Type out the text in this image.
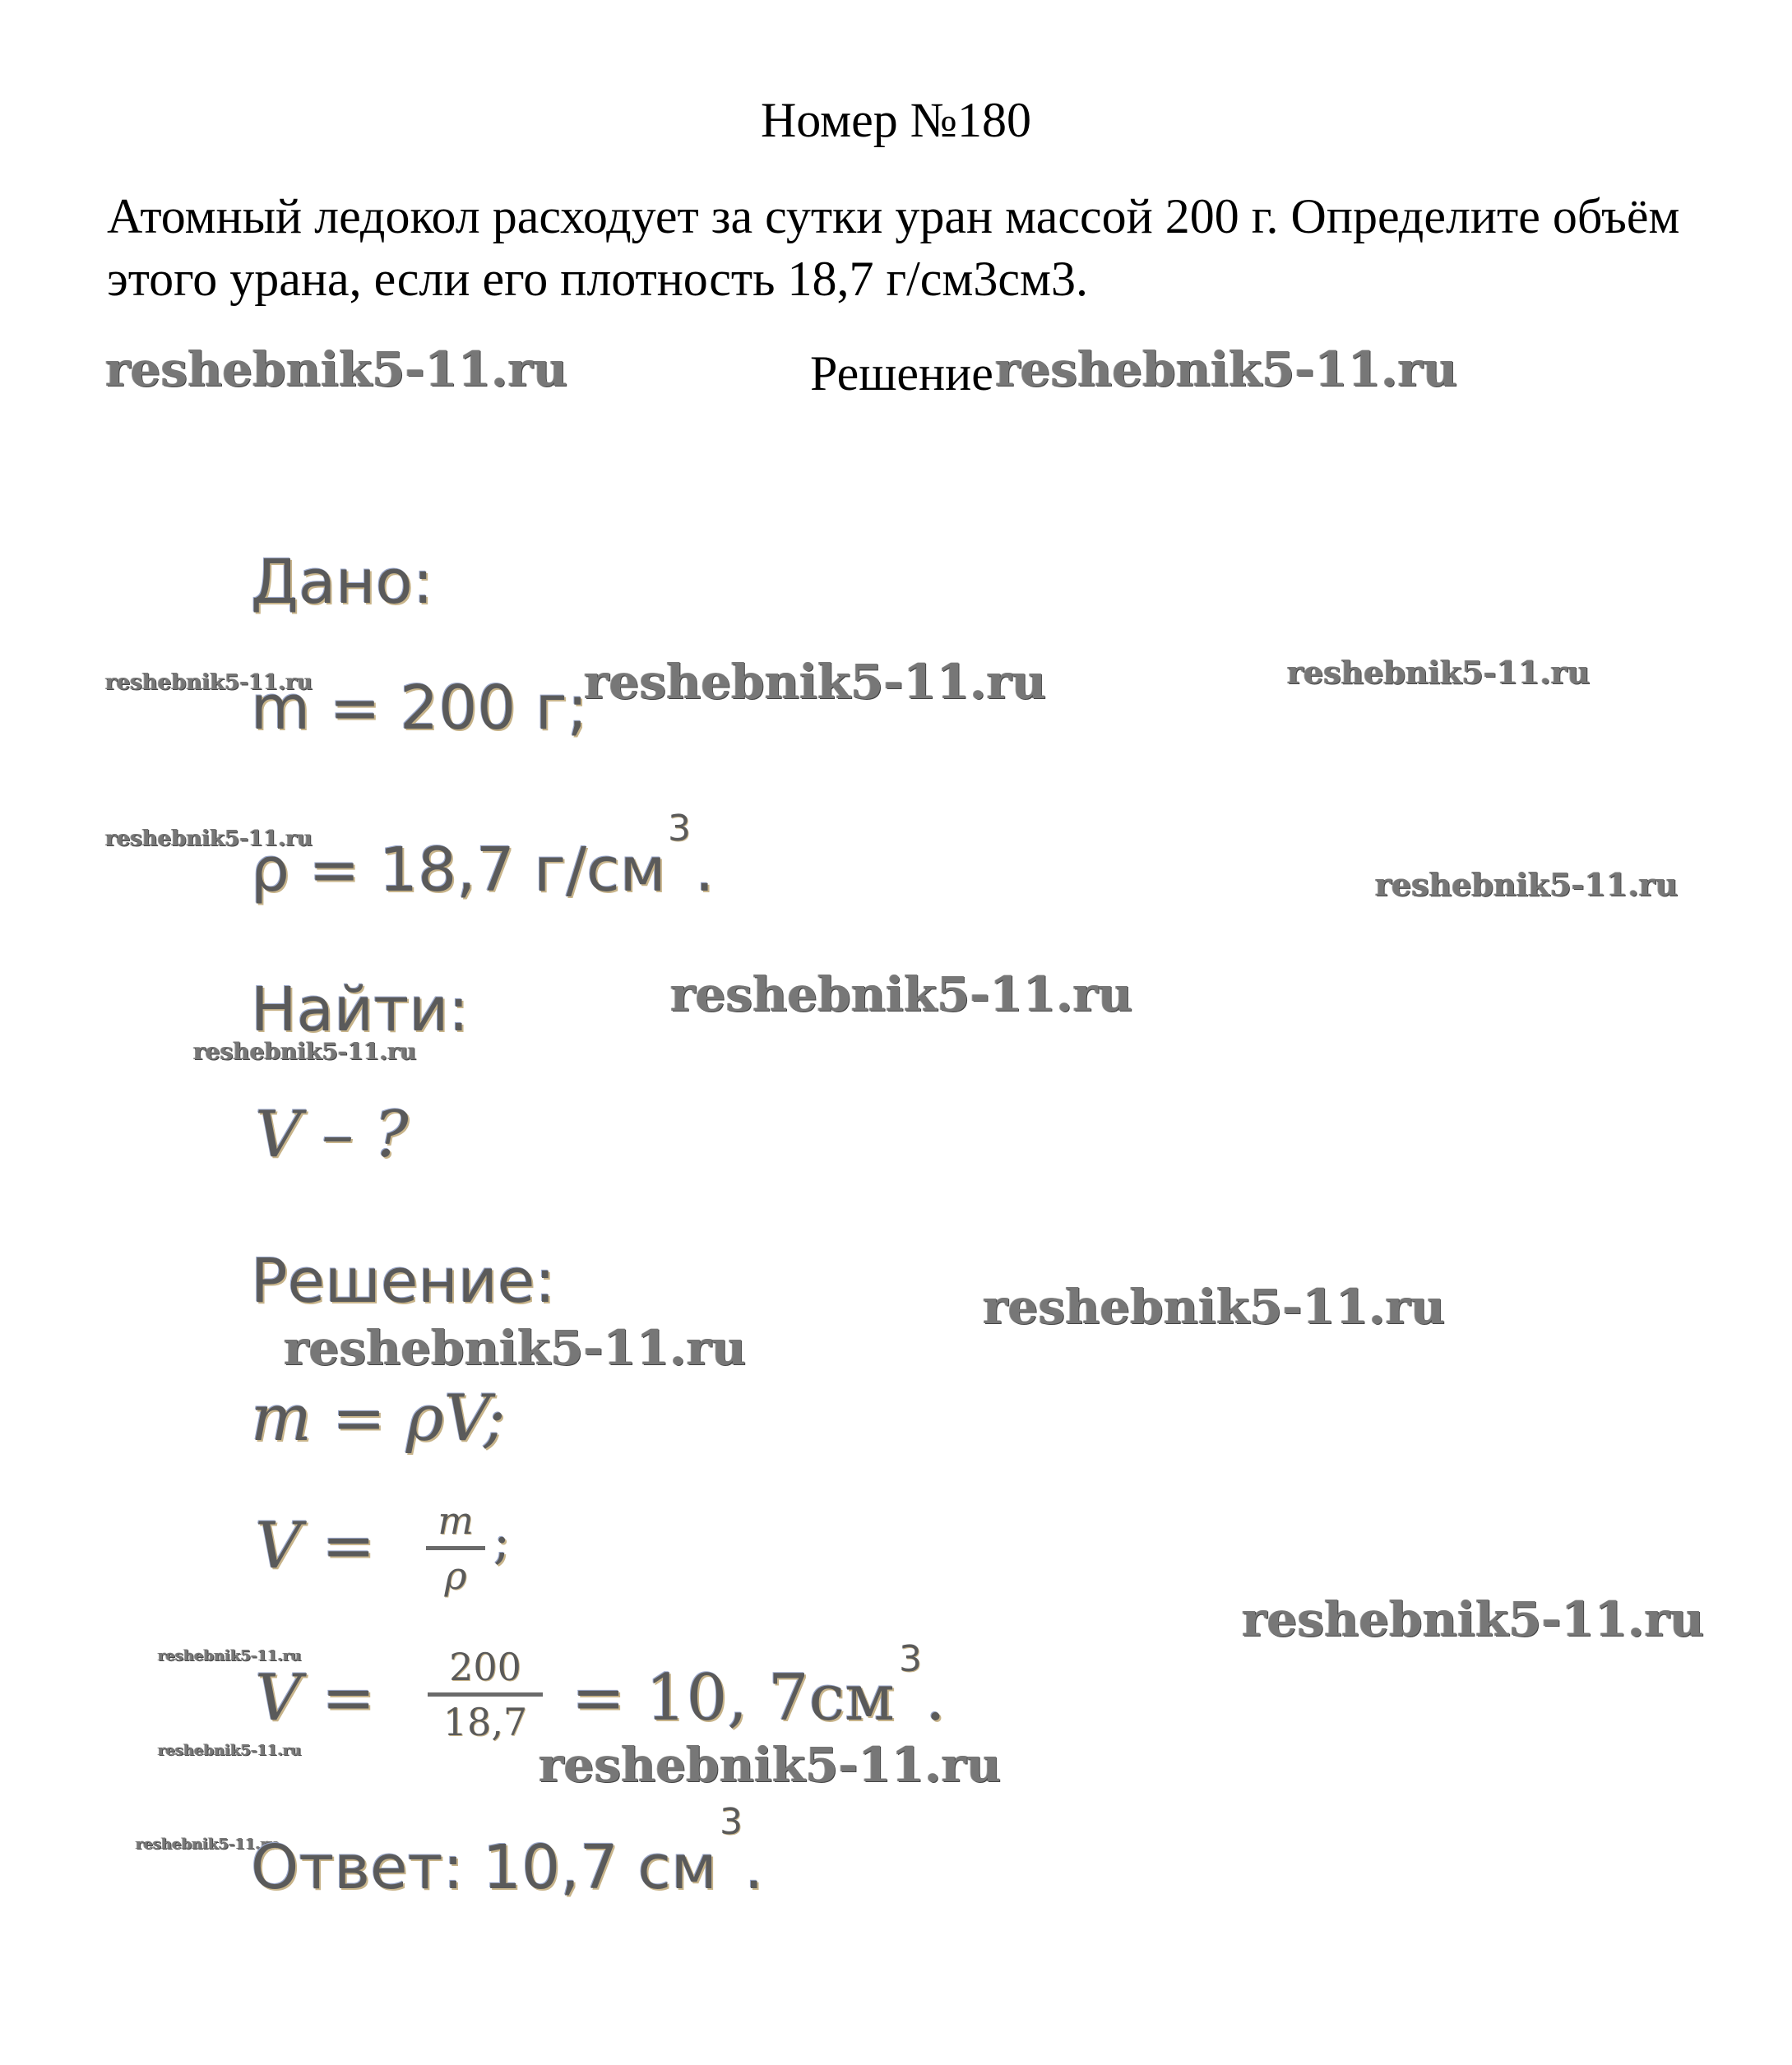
Номер №180
Атомный ледокол расходует за сутки уран массой 200 г. Определите объём
этого урана, если его плотность 18,7 г/см3см3.
reshebnik5-11.ru	Решение reshebnik5-11.ru
Дано:
reshebnik5-11.ru
m = 200 г;
reshebnik5-11.ru	reshebnik5-11.ru
reshebnik5-11.ru
ρ = 18,7 г/см
3
.	reshebnik5-11.ru
Найти:	reshebnik5-11.ru
reshebnik5-11.ru
V – ?
Решение:	reshebnik5-11.ru
reshebnik5-11.ru
m = ρV;
V =	m
ρ
;
reshebnik5-11.ru
reshebnik5-11.ru
V =	200
18,7 = 10, 7см
3
.
reshebnik5-11.ru	reshebnik5-11.ru
reshebnik5-11.ru
Ответ: 10,7 см
3
.
